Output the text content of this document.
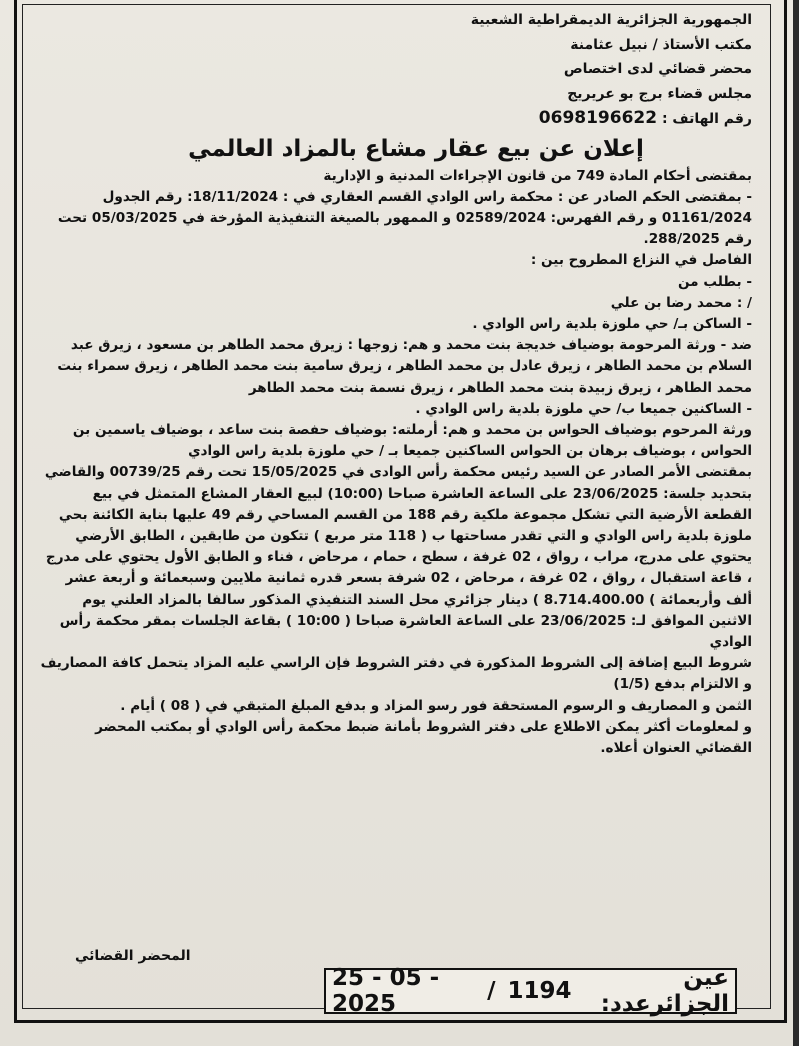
الجمهورية الجزائرية الديمقراطية الشعبية

مكتب الأستاذ / نبيل عثامنة

محضر قضائي لدى اختصاص

مجلس قضاء برج بو عريريج

رقم الهاتف : 0698196622

إعلان عن بيع عقار مشاع بالمزاد العالمي

بمقتضى أحكام المادة 749 من قانون الإجراءات المدنية و الإدارية

- بمقتضى الحكم الصادر عن : محكمة راس الوادي القسم العقاري في : 18/11/2024: رقم الجدول 01161/2024 و رقم الفهرس: 02589/2024 و الممهور بالصيغة التنفيذية المؤرخة في 05/03/2025 تحت رقم 288/2025.

الفاصل في النزاع المطروح بين :

- بطلب من

/ : محمد رضا بن علي

- الساكن بـ/ حي ملوزة بلدية راس الوادي .

ضد - ورثة المرحومة بوضياف خديجة بنت محمد و هم: زوجها : زيرق محمد الطاهر بن مسعود ، زيرق عبد السلام بن محمد الطاهر ، زيرق عادل بن محمد الطاهر ، زيرق سامية بنت محمد الطاهر ، زيرق سمراء بنت محمد الطاهر ، زيرق زبيدة بنت محمد الطاهر ، زيرق نسمة بنت محمد الطاهر

- الساكنين جميعا ب/ حي ملوزة بلدية راس الوادي .

ورثة المرحوم بوضياف الحواس بن محمد و هم: أرملته: بوضياف حفصة بنت ساعد ، بوضياف ياسمين بن الحواس ، بوضياف برهان بن الحواس الساكنين جميعا بـ / حي ملوزة بلدية راس الوادي

بمقتضى الأمر الصادر عن السيد رئيس محكمة رأس الوادى في 15/05/2025 تحت رقم 00739/25 والقاضي بتحديد جلسة: 23/06/2025 على الساعة العاشرة صباحا (10:00) لبيع العقار المشاع المتمثل في بيع القطعة الأرضية التي تشكل مجموعة ملكية رقم 188 من القسم المساحي رقم 49 عليها بناية الكائنة بحي ملوزة بلدية راس الوادي و التي تقدر مساحتها ب ( 118 متر مربع ) تتكون من طابقين ، الطابق الأرضي يحتوي على مدرج، مراب ، رواق ، 02 غرفة ، سطح ، حمام ، مرحاض ، فناء و الطابق الأول يحتوي على مدرج ، قاعة استقبال ، رواق ، 02 غرفة ، مرحاض ، 02 شرفة بسعر قدره ثمانية ملايين وسبعمائة و أربعة عشر ألف وأربعمائة ) 8.714.400.00 ) دينار جزائري محل السند التنفيذي المذكور سالفا بالمزاد العلني يوم الاثنين الموافق لـ: 23/06/2025 على الساعة العاشرة صباحا ( 10:00 ) بقاعة الجلسات بمقر محكمة رأس الوادي

شروط البيع إضافة إلى الشروط المذكورة في دفتر الشروط فإن الراسي عليه المزاد يتحمل كافة المصاريف و الالتزام بدفع (1/5)

الثمن و المصاريف و الرسوم المستحقة فور رسو المزاد و بدفع المبلغ المتبقي في ( 08 ) أيام .

و لمعلومات أكثر يمكن الاطلاع على دفتر الشروط بأمانة ضبط محكمة رأس الوادي أو بمكتب المحضر القضائي العنوان أعلاه.

المحضر القضائي
عين الجزائرعدد:
1194
/
25 - 05 - 2025
